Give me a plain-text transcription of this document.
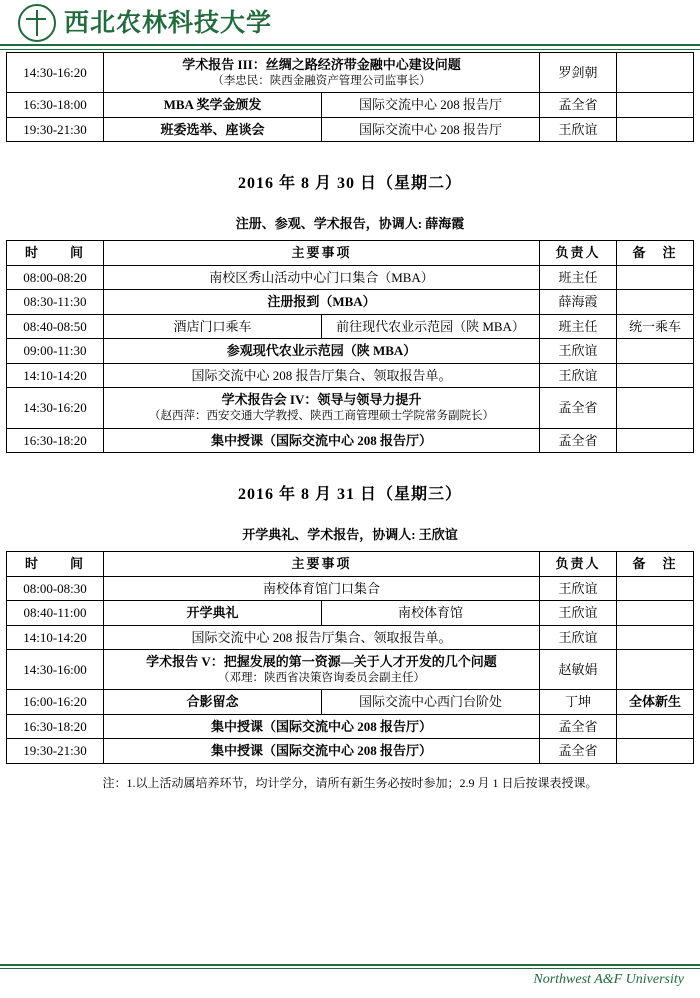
西北农林科技大学
14:30-16:20	学术报告 III：丝绸之路经济带金融中心建设问题
（李忠民：陕西金融资产管理公司监事长）		罗剑朝	
16:30-18:00	MBA 奖学金颁发	国际交流中心 208 报告厅	孟全省	
19:30-21:30	班委选举、座谈会	国际交流中心 208 报告厅	王欣谊	
2016 年 8 月 30 日（星期二）
注册、参观、学术报告，协调人: 薛海霞
时　　间	主要事项		负责人	备　注
08:00-08:20	南校区秀山活动中心门口集合（MBA）		班主任	
08:30-11:30	注册报到（MBA）		薛海霞	
08:40-08:50	酒店门口乘车	前往现代农业示范园（陕 MBA）	班主任	统一乘车
09:00-11:30	参观现代农业示范园（陕 MBA）		王欣谊	
14:10-14:20	国际交流中心 208 报告厅集合、领取报告单。		王欣谊	
14:30-16:20	学术报告会 IV：领导与领导力提升
（赵西萍：西安交通大学教授、陕西工商管理硕士学院常务副院长）		孟全省	
16:30-18:20	集中授课（国际交流中心 208 报告厅）		孟全省	
2016 年 8 月 31 日（星期三）
开学典礼、学术报告，协调人: 王欣谊
时　　间	主要事项		负责人	备　注
08:00-08:30	南校体育馆门口集合		王欣谊	
08:40-11:00	开学典礼	南校体育馆	王欣谊	
14:10-14:20	国际交流中心 208 报告厅集合、领取报告单。		王欣谊	
14:30-16:00	学术报告 V：把握发展的第一资源—关于人才开发的几个问题
（邓理：陕西省决策咨询委员会副主任）		赵敏娟	
16:00-16:20	合影留念	国际交流中心西门台阶处	丁坤	全体新生
16:30-18:20	集中授课（国际交流中心 208 报告厅）		孟全省	
19:30-21:30	集中授课（国际交流中心 208 报告厅）		孟全省	
注：1.以上活动属培养环节，均计学分，请所有新生务必按时参加；2.9 月 1 日后按课表授课。
Northwest A&F University
